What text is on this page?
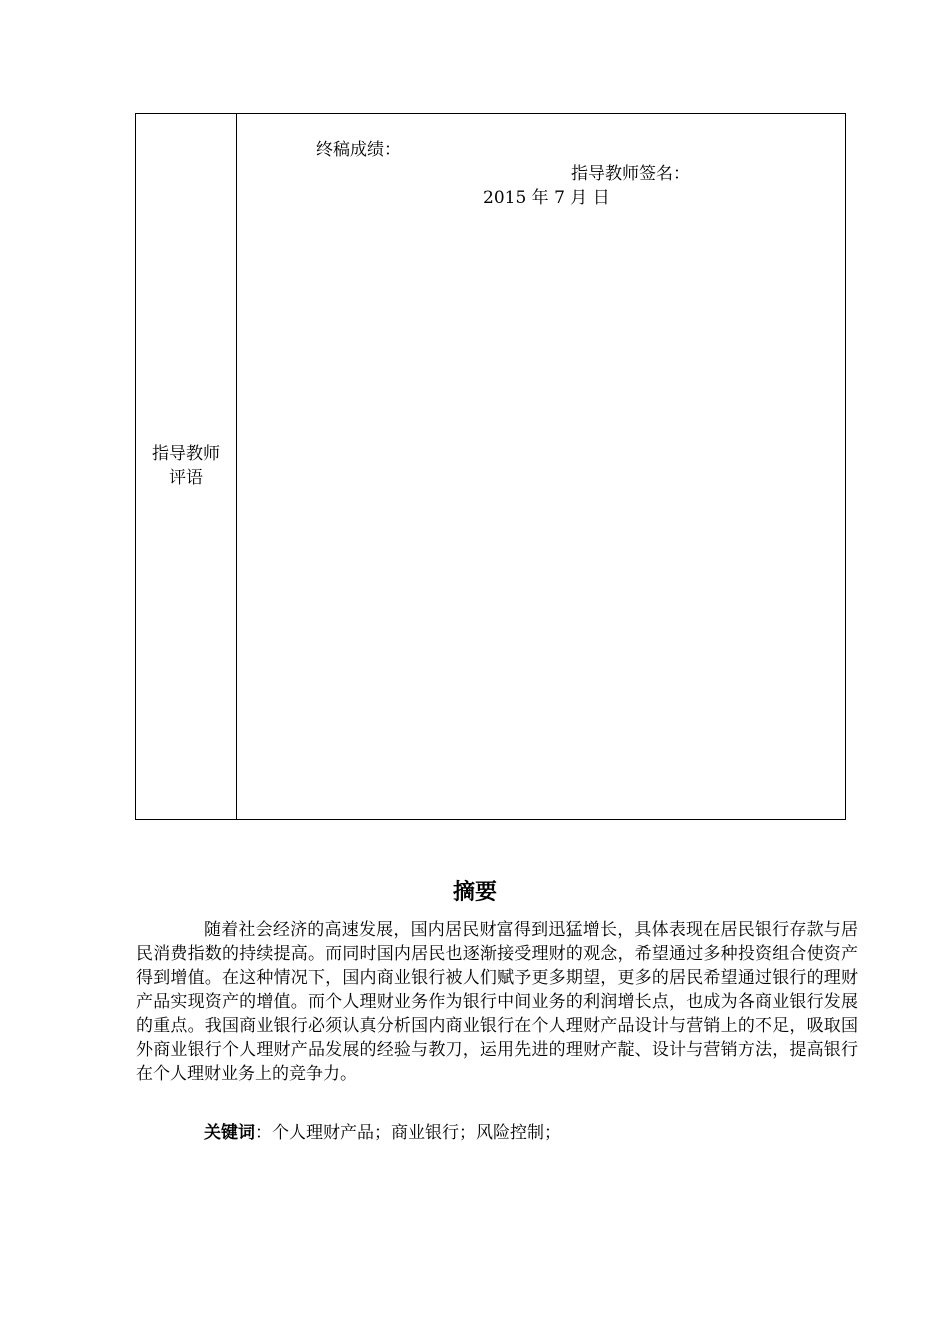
指导教师
评语
终稿成绩：
指导教师签名：
2015 年 7 月 日
摘要

随着社会经济的高速发展，国内居民财富得到迅猛增长，具体表现在居民银行存款与居民消费指数的持续提高。而同时国内居民也逐渐接受理财的观念，希望通过多种投资组合使资产得到增值。在这种情况下，国内商业银行被人们赋予更多期望，更多的居民希望通过银行的理财产品实现资产的增值。而个人理财业务作为银行中间业务的利润增长点，也成为各商业银行发展的重点。我国商业银行必须认真分析国内商业银行在个人理财产品设计与营销上的不足，吸取国外商业银行个人理财产品发展的经验与教刀，运用先进的理财产靛、设计与营销方法，提高银行在个人理财业务上的竞争力。

关键词：个人理财产品；商业银行；风险控制；
